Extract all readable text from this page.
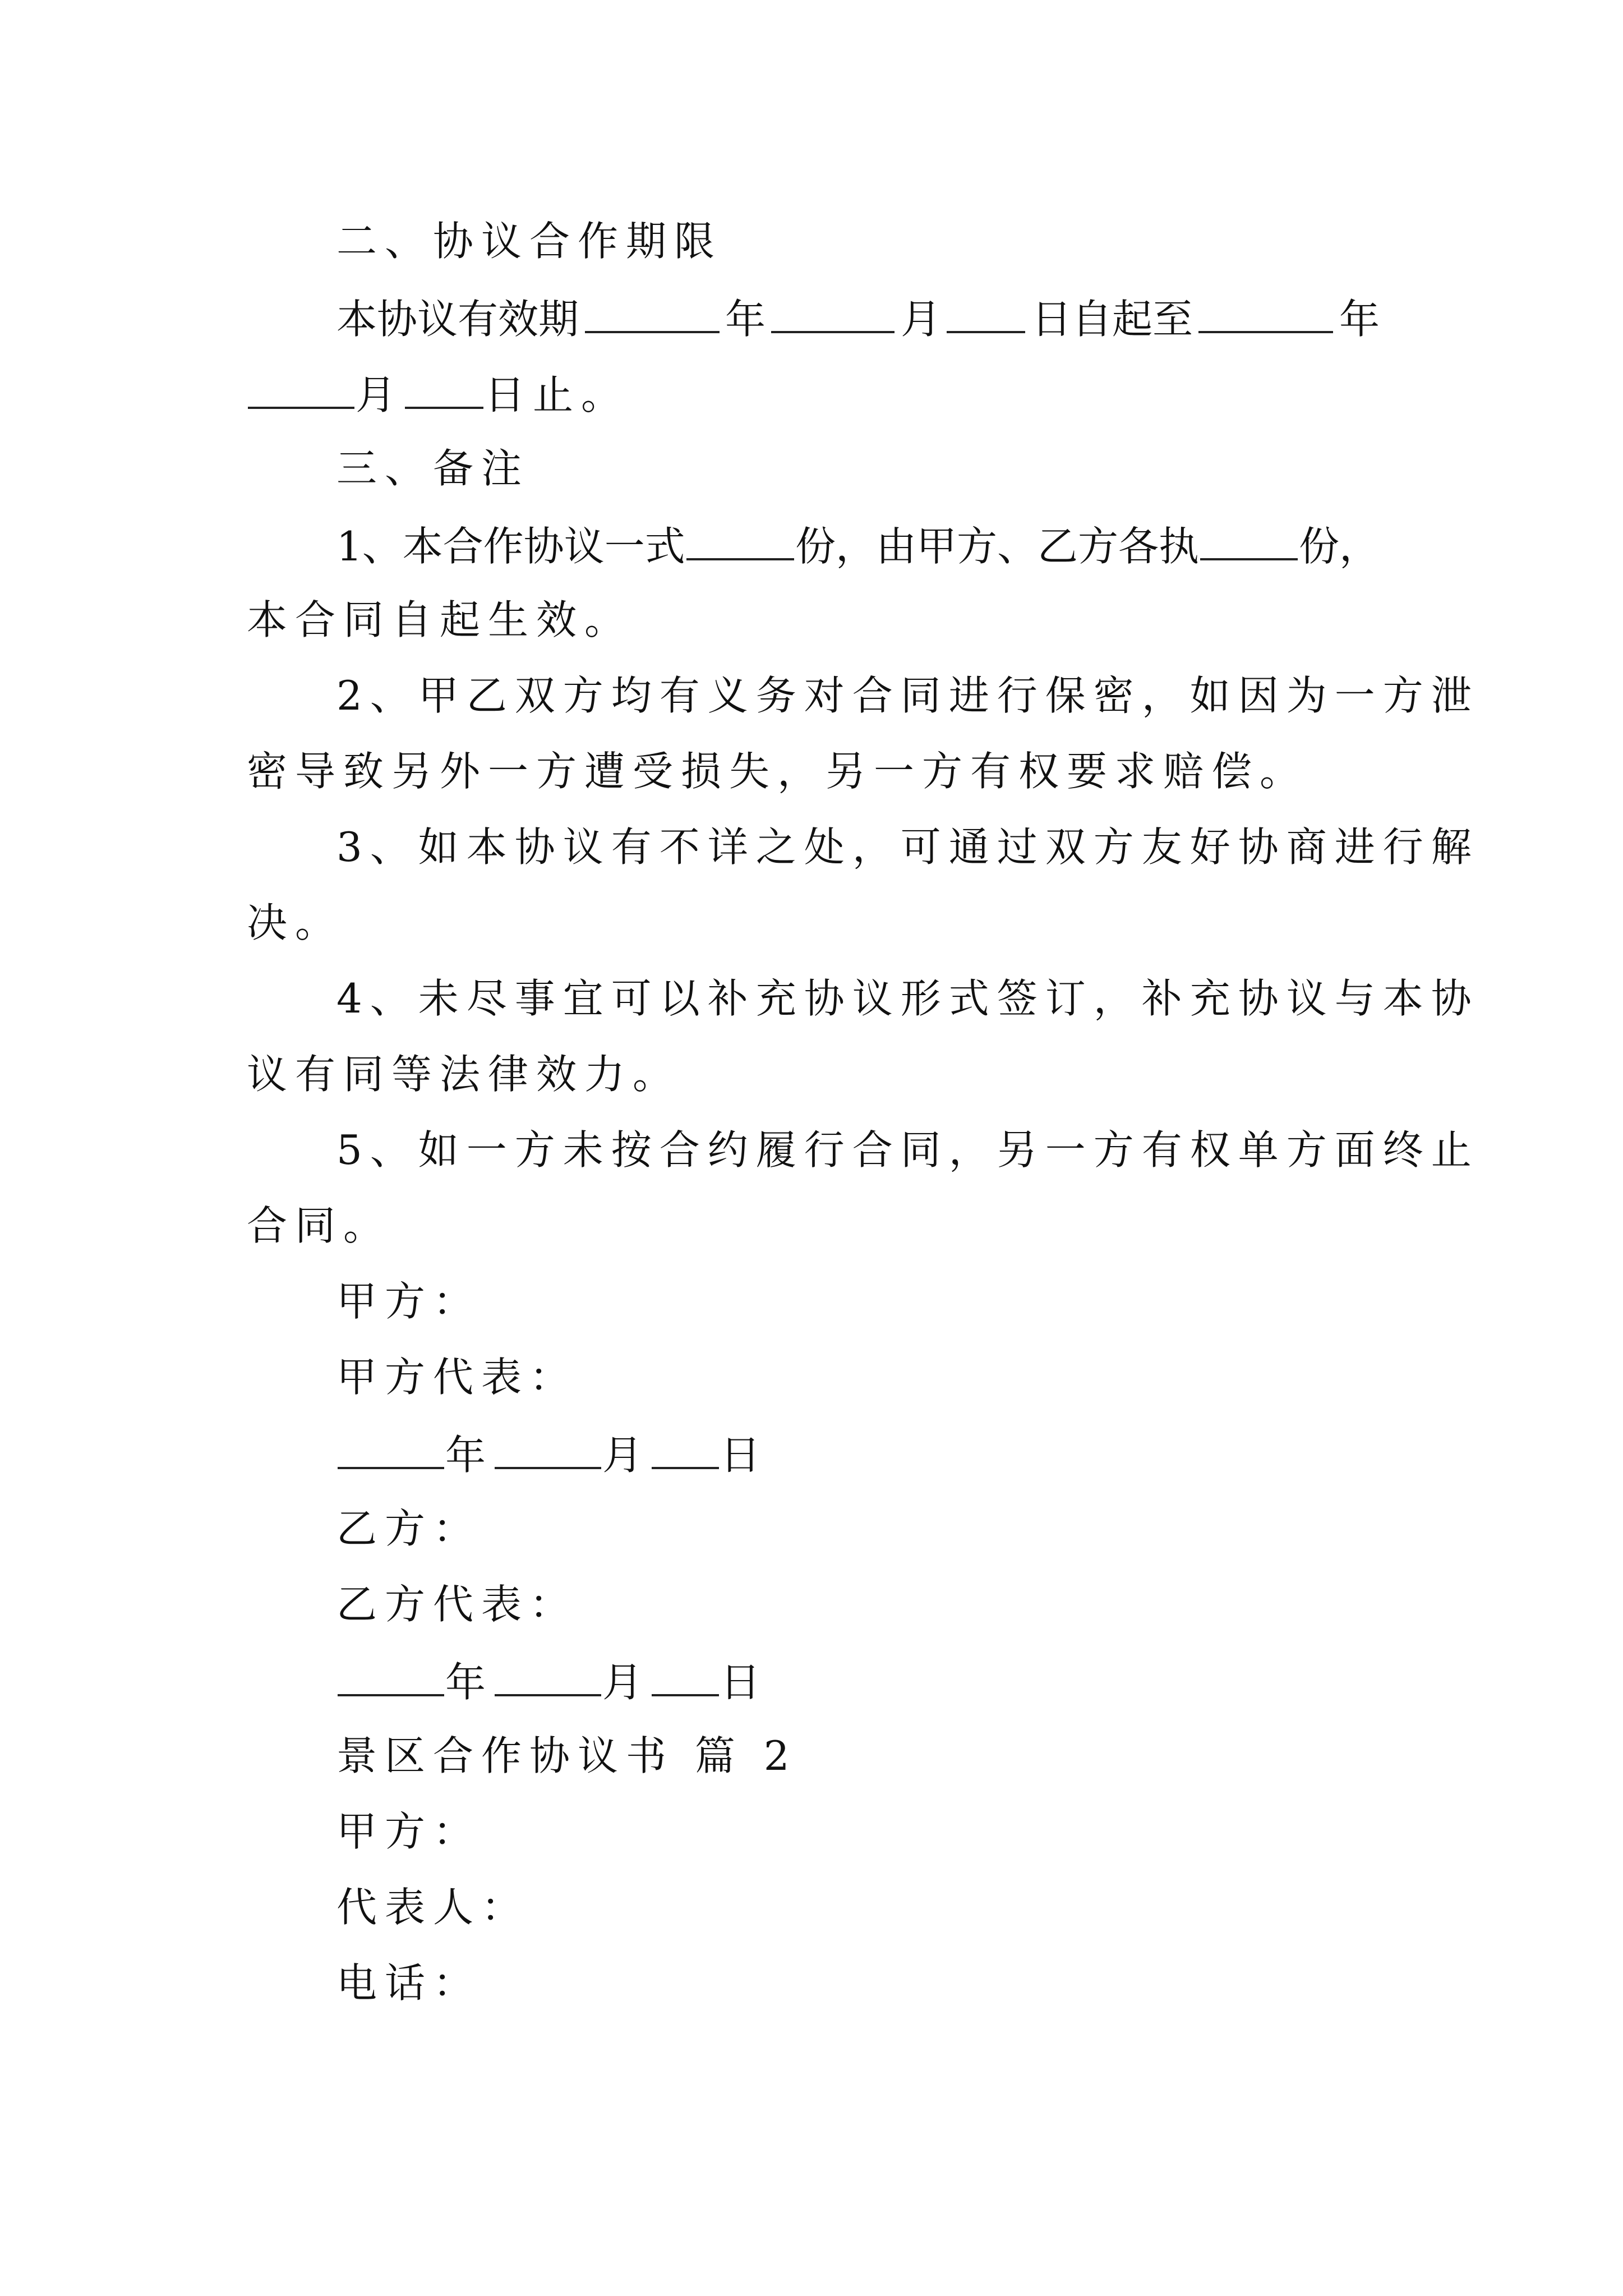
二、协议合作期限
本协议有效期	年	月 日自起至	年
月 日止。
三、备注
1、本合作协议一式	份，由甲方、乙方各执 份，
本合同自起生效。
2、甲乙双方均有义务对合同进行保密，如因为一方泄
密导致另外一方遭受损失，另一方有权要求赔偿。
3、如本协议有不详之处，可通过双方友好协商进行解
决。
4、未尽事宜可以补充协议形式签订，补充协议与本协
议有同等法律效力。
5、如一方未按合约履行合同，另一方有权单方面终止
合同。
甲方：
甲方代表：
年	月 日
乙方：
乙方代表：
年	月 日
景区合作协议书 篇 2
甲方：
代表人：
电话：
